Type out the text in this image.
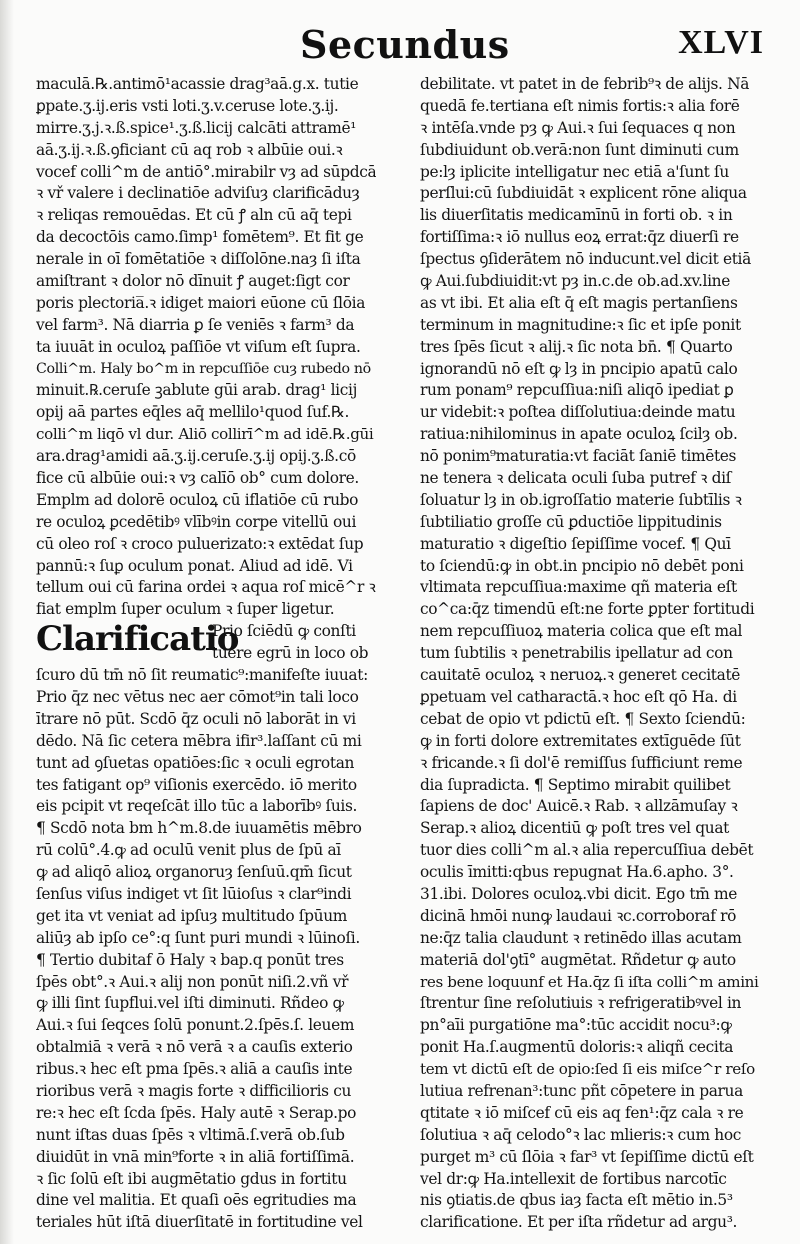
Secundus	XLVI
maculā.℞.antimō¹acassie drag³aā.g.x. tutie
ꝑpate.ʒ.ij.eris vsti loti.ʒ.v.ceruse lote.ʒ.ij.
mirre.ʒ.j.ꝛ.ß.spice¹.ʒ.ß.licij calcāti attramē¹
aā.ʒ.ij.ꝛ.ß.ꝯficiant cū aq rob ꝛ albūie oui.ꝛ
vocef colli^m de antiō°.mirabilr vȝ ad sūpdcā
ꝛ vř valere i declinatiōe adviſuȝ clarificāduȝ
ꝛ reliqas remouēdas. Et cū ꝭ aln cū aq̄ tepi
da decoctōis camo.ſimp¹ fomētem⁹. Et fit ge
nerale in oī fomētatiōe ꝛ diſſolōne.naȝ ſi iſta
amiſtrant ꝛ dolor nō dīnuit ꝭ auget:ſigt cor
poris plectoria̅.ꝛ idiget maiori eūone cū ſlōia
vel farm³. Nā diarria ꝑ ſe veniēs ꝛ farm³ da
ta iuuāt in oculoꝝ paſſiōe vt viſum eſt ſupra.
Colli^m. Haly bo^m in repcuſſiōe cuȝ rubedo nō
minuit.℞.ceruſe ꝫablute gūi arab. drag¹ licij
opij aā partes eq̄les aq̄ mellilo¹quod ſuf.℞.
colli^m liqō vl dur. Aliō collirī^m ad idē.℞.gūi
ara.drag¹amidi aā.ʒ.ij.ceruſe.ʒ.ij opij.ʒ.ß.cō
fice cū albūie oui:ꝛ vȝ calīō ob° cum dolore.
Emplm ad dolorē oculoꝝ cū iflatiōe cū rubo
re oculoꝝ ꝑcedētibꝰ vlībꝰin corpe vitellū oui
cū oleo roſ ꝛ croco puluerizato:ꝛ extēdat ſup
pannū:ꝛ ſuꝑ oculum ponat. Aliud ad idē. Vi
tellum oui cū farina ordei ꝛ aqua roſ micē^r ꝛ
fiat emplm ſuper oculum ꝛ ſuper ligetur.
Clarificatio
Prio ſciēdū ꝙ conſti
tuere egrū in loco ob
ſcuro dū tm̄ nō ſit reumatic⁹:manifeſte iuuat:
Prio q̄z nec vētus nec aer cōmot⁹in tali loco
ītrare nō pūt. Scdō q̄z oculi nō laborāt in vi
dēdo. Nā ſic cetera mēbra ifir³.laſſant cū mi
tunt ad ꝯſuetas opatiōes:ſic ꝛ oculi egrotan
tes fatigant op⁹ viſionis exercēdo. iō merito
eis pcipit vt reqeſcāt illo tūc a laborībꝰ ſuis.
¶ Scdō nota bm h^m.8.de iuuamētis mēbro
rū colū°.4.ꝙ ad oculū venit plus de ſpū aī
ꝙ ad aliqō alioꝝ organoruȝ ſenſuū.qm̄ ſicut
ſenſus viſus indiget vt ſit lūioſus ꝛ clar⁹indi
get ita vt veniat ad ipſuȝ multitudo ſpūum
aliūȝ ab ipſo ce°:q ſunt puri mundi ꝛ lūinoſi.
¶ Tertio dubitaf ō Haly ꝛ bap.q ponūt tres
ſpēs obt°.ꝛ Aui.ꝛ alij non ponūt niſi.2.vñ vř
ꝙ illi ſint ſupflui.vel iſti diminuti. Rñdeo ꝙ
Aui.ꝛ ſui ſeqces ſolū ponunt.2.ſpēs.ſ. leuem
obtalmiā ꝛ verā ꝛ nō verā ꝛ a cauſis exterio
ribus.ꝛ hec eſt pma ſpēs.ꝛ aliā a cauſis inte
rioribus verā ꝛ magis forte ꝛ difficilioris cu
re:ꝛ hec eſt ſcda ſpēs. Haly autē ꝛ Serap.po
nunt iſtas duas ſpēs ꝛ vltimā.ſ.verā ob.ſub
diuidūt in vnā min⁹forte ꝛ in aliā fortiſſimā.
ꝛ ſic ſolū eſt ibi augmētatio gdus in fortitu
dine vel malitia. Et quaſi oēs egritudies ma
teriales hūt iſtā diuerſitatē in fortitudine vel
debilitate. vt patet in de febrib⁹ꝛ de alijs. Nā
quedā fe.tertiana eſt nimis fortis:ꝛ alia forē
ꝛ intēſa.vnde pȝ ꝙ Aui.ꝛ ſui ſequaces q non
ſubdiuidunt ob.verā:non ſunt diminuti cum
pe:lȝ iplicite intelligatur nec etiā a'ſunt ſu
perſlui:cū ſubdiuidāt ꝛ explicent rōne aliqua
lis diuerſitatis medicamīnū in forti ob. ꝛ in
fortiſſima:ꝛ iō nullus eoꝝ errat:q̄z diuerſi re
ſpectus ꝯſiderātem nō inducunt.vel dicit etiā
ꝙ Aui.ſubdiuidit:vt pȝ in.c.de ob.ad.xv.line
as vt ibi. Et alia eſt q̄ eſt magis pertanſiens
terminum in magnitudine:ꝛ ſic et ipſe ponit
tres ſpēs ſicut ꝛ alij.ꝛ ſic nota bn̄. ¶ Quarto
ignorandū nō eſt ꝙ lȝ in pncipio apatū calo
rum ponam⁹ repcuſſiua:niſi aliqō ipediat ꝑ
ur videbit:ꝛ poſtea diſſolutiua:deinde matu
ratiua:nihilominus in apate oculoꝝ ſcilȝ ob.
nō ponim⁹maturatia:vt faciāt ſaniē timētes
ne tenera ꝛ delicata oculi ſuba putref ꝛ diſ
ſoluatur lȝ in ob.igroſſatio materie ſubtīlis ꝛ
ſubtiliatio groſſe cū ꝑductiōe lippitudinis
maturatio ꝛ digeſtio ſepiſſime vocef. ¶ Quī
to ſciendū:ꝙ in obt.in pncipio nō debēt poni
vltimata repcuſſiua:maxime qñ materia eſt
co^ca:q̄z timendū eſt:ne forte ꝑpter fortitudi
nem repcuſſiuoꝝ materia colica que eſt mal
tum ſubtilis ꝛ penetrabilis ipellatur ad con
cauitatē oculoꝝ ꝛ neruoꝝ.ꝛ generet cecitatē
ꝑpetuam vel catharactā.ꝛ hoc eſt qō Ha. di
cebat de opio vt pdictū eſt. ¶ Sexto ſciendū:
ꝙ in forti dolore extremitates extīguēde ſūt
ꝛ fricande.ꝛ ſi dol'ē remiſſus ſufficiunt reme
dia ſupradicta. ¶ Septimo mirabit quilibet
ſapiens de doc' Auicē.ꝛ Rab. ꝛ allzāmuſay ꝛ
Serap.ꝛ alioꝝ dicentiū ꝙ poſt tres vel quat
tuor dies colli^m al.ꝛ alia repercuſſiua debēt
oculis īmitti:qbus repugnat Ha.6.apho. 3°.
31.ibi. Dolores oculoꝝ.vbi dicit. Ego tm̄ me
dicinā hmōi nunꝙ laudaui ꝛc.corroboraf rō
ne:q̄z talia claudunt ꝛ retinēdo illas acutam
materiā dol'ꝯtī° augmētat. Rñdetur ꝙ auto
res bene loquunf et Ha.q̄z ſi iſta colli^m amini
ſtrentur ſine reſolutiuis ꝛ refrigeratibꝰvel in
pn°aīi purgatiōne ma°:tūc accidit nocu³:ꝙ
ponit Ha.ſ.augmentū doloris:ꝛ aliqñ cecita
tem vt dictū eſt de opio:ſed ſi eis miſce^r reſo
lutiua refrenan³:tunc pñt cōpetere in parua
qtitate ꝛ iō miſcef cū eis aq fen¹:q̄z cala ꝛ re
ſolutiua ꝛ aq̄ celodo°ꝛ lac mlieris:ꝛ cum hoc
purget m³ cū ſlōia ꝛ far³ vt ſepiſſime dictū eſt
vel dr:ꝙ Ha.intellexit de fortibus narcotīc
nis ꝯtiatis.de qbus iaȝ facta eſt mētio in.5³
clarificatione. Et per iſta rñdetur ad argu³.
